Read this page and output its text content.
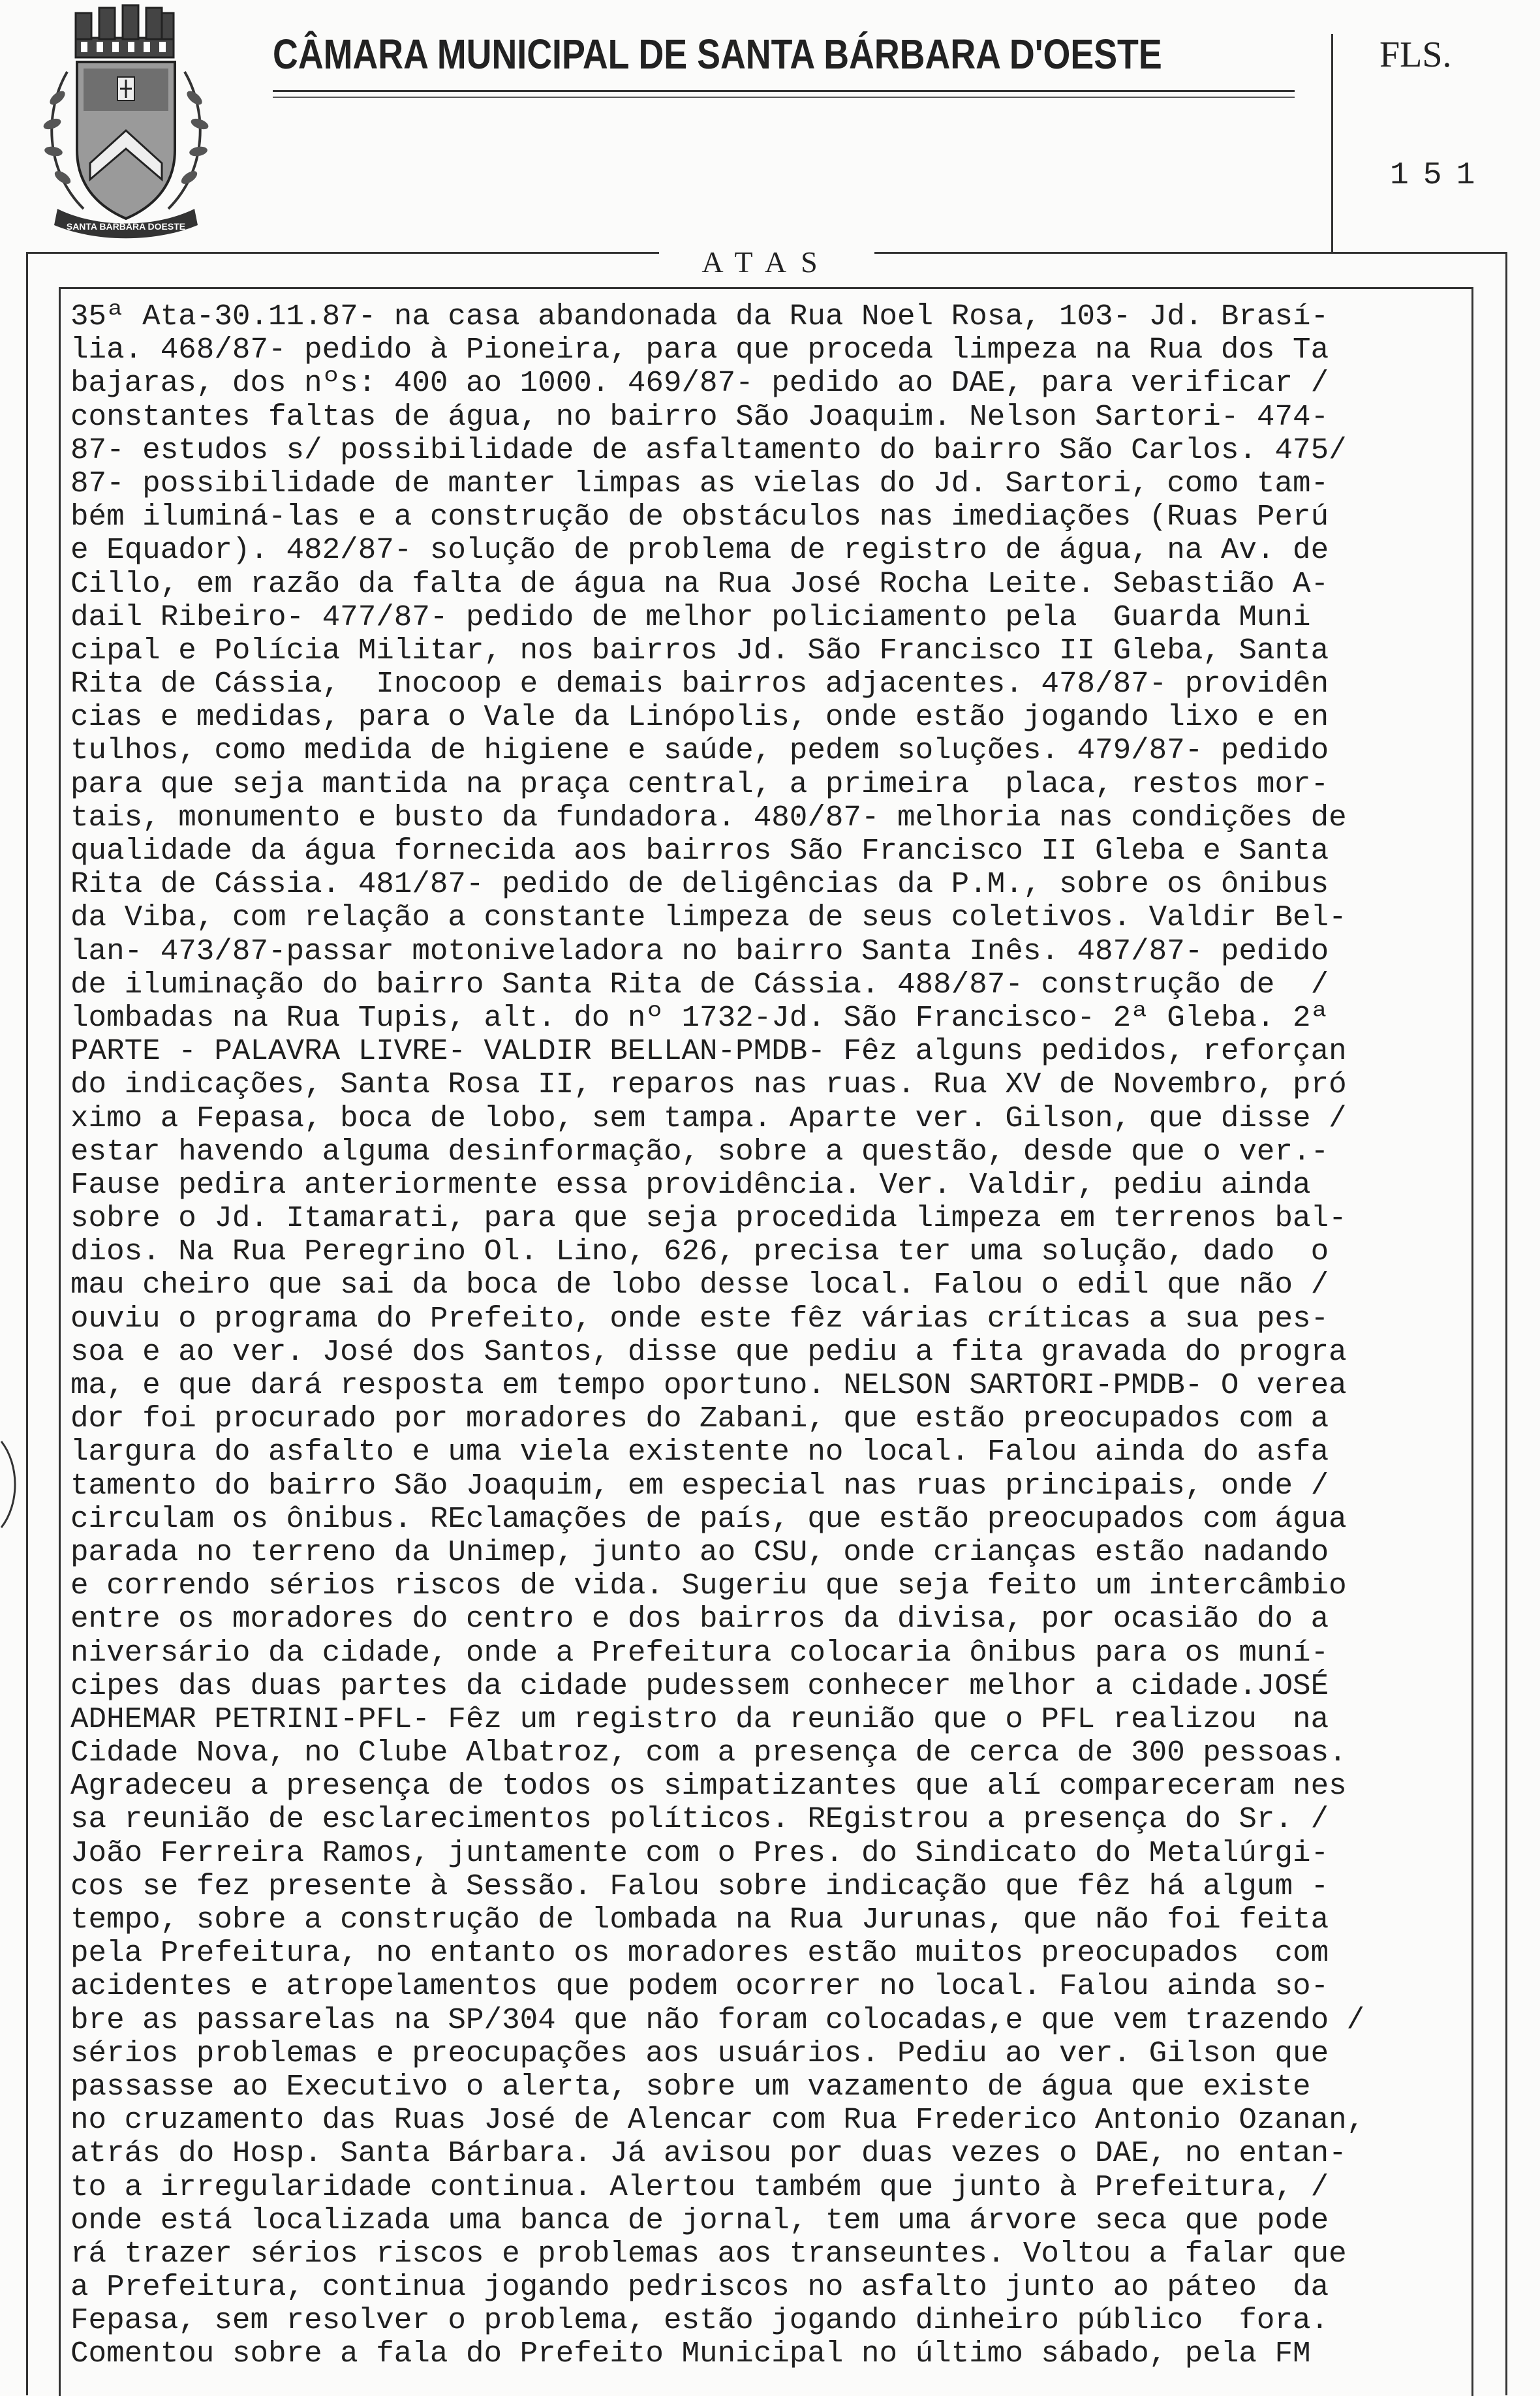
SANTA BARBARA DOESTE
CÂMARA MUNICIPAL DE SANTA BÁRBARA D'OESTE	FLS.
151
ATAS
35ª Ata-30.11.87- na casa abandonada da Rua Noel Rosa, 103- Jd. Brasí-
lia. 468/87- pedido à Pioneira, para que proceda limpeza na Rua dos Ta
bajaras, dos nºs: 400 ao 1000. 469/87- pedido ao DAE, para verificar /
constantes faltas de água, no bairro São Joaquim. Nelson Sartori- 474-
87- estudos s/ possibilidade de asfaltamento do bairro São Carlos. 475/
87- possibilidade de manter limpas as vielas do Jd. Sartori, como tam-
bém iluminá-las e a construção de obstáculos nas imediações (Ruas Perú
e Equador). 482/87- solução de problema de registro de água, na Av. de
Cillo, em razão da falta de água na Rua José Rocha Leite. Sebastião A-
dail Ribeiro- 477/87- pedido de melhor policiamento pela  Guarda Muni
cipal e Polícia Militar, nos bairros Jd. São Francisco II Gleba, Santa
Rita de Cássia,  Inocoop e demais bairros adjacentes. 478/87- providên
cias e medidas, para o Vale da Linópolis, onde estão jogando lixo e en
tulhos, como medida de higiene e saúde, pedem soluções. 479/87- pedido
para que seja mantida na praça central, a primeira  placa, restos mor-
tais, monumento e busto da fundadora. 480/87- melhoria nas condições de
qualidade da água fornecida aos bairros São Francisco II Gleba e Santa
Rita de Cássia. 481/87- pedido de deligências da P.M., sobre os ônibus
da Viba, com relação a constante limpeza de seus coletivos. Valdir Bel-
lan- 473/87-passar motoniveladora no bairro Santa Inês. 487/87- pedido
de iluminação do bairro Santa Rita de Cássia. 488/87- construção de  /
lombadas na Rua Tupis, alt. do nº 1732-Jd. São Francisco- 2ª Gleba. 2ª
PARTE - PALAVRA LIVRE- VALDIR BELLAN-PMDB- Fêz alguns pedidos, reforçan
do indicações, Santa Rosa II, reparos nas ruas. Rua XV de Novembro, pró
ximo a Fepasa, boca de lobo, sem tampa. Aparte ver. Gilson, que disse /
estar havendo alguma desinformação, sobre a questão, desde que o ver.-
Fause pedira anteriormente essa providência. Ver. Valdir, pediu ainda
sobre o Jd. Itamarati, para que seja procedida limpeza em terrenos bal-
dios. Na Rua Peregrino Ol. Lino, 626, precisa ter uma solução, dado  o
mau cheiro que sai da boca de lobo desse local. Falou o edil que não /
ouviu o programa do Prefeito, onde este fêz várias críticas a sua pes-
soa e ao ver. José dos Santos, disse que pediu a fita gravada do progra
ma, e que dará resposta em tempo oportuno. NELSON SARTORI-PMDB- O verea
dor foi procurado por moradores do Zabani, que estão preocupados com a
largura do asfalto e uma viela existente no local. Falou ainda do asfa
tamento do bairro São Joaquim, em especial nas ruas principais, onde /
circulam os ônibus. REclamações de país, que estão preocupados com água
parada no terreno da Unimep, junto ao CSU, onde crianças estão nadando
e correndo sérios riscos de vida. Sugeriu que seja feito um intercâmbio
entre os moradores do centro e dos bairros da divisa, por ocasião do a
niversário da cidade, onde a Prefeitura colocaria ônibus para os muní-
cipes das duas partes da cidade pudessem conhecer melhor a cidade.JOSÉ
ADHEMAR PETRINI-PFL- Fêz um registro da reunião que o PFL realizou  na
Cidade Nova, no Clube Albatroz, com a presença de cerca de 300 pessoas.
Agradeceu a presença de todos os simpatizantes que alí compareceram nes
sa reunião de esclarecimentos políticos. REgistrou a presença do Sr. /
João Ferreira Ramos, juntamente com o Pres. do Sindicato do Metalúrgi-
cos se fez presente à Sessão. Falou sobre indicação que fêz há algum -
tempo, sobre a construção de lombada na Rua Jurunas, que não foi feita
pela Prefeitura, no entanto os moradores estão muitos preocupados  com
acidentes e atropelamentos que podem ocorrer no local. Falou ainda so-
bre as passarelas na SP/304 que não foram colocadas,e que vem trazendo /
sérios problemas e preocupações aos usuários. Pediu ao ver. Gilson que
passasse ao Executivo o alerta, sobre um vazamento de água que existe
no cruzamento das Ruas José de Alencar com Rua Frederico Antonio Ozanan,
atrás do Hosp. Santa Bárbara. Já avisou por duas vezes o DAE, no entan-
to a irregularidade continua. Alertou também que junto à Prefeitura, /
onde está localizada uma banca de jornal, tem uma árvore seca que pode
rá trazer sérios riscos e problemas aos transeuntes. Voltou a falar que
a Prefeitura, continua jogando pedriscos no asfalto junto ao páteo  da
Fepasa, sem resolver o problema, estão jogando dinheiro público  fora.
Comentou sobre a fala do Prefeito Municipal no último sábado, pela FM
